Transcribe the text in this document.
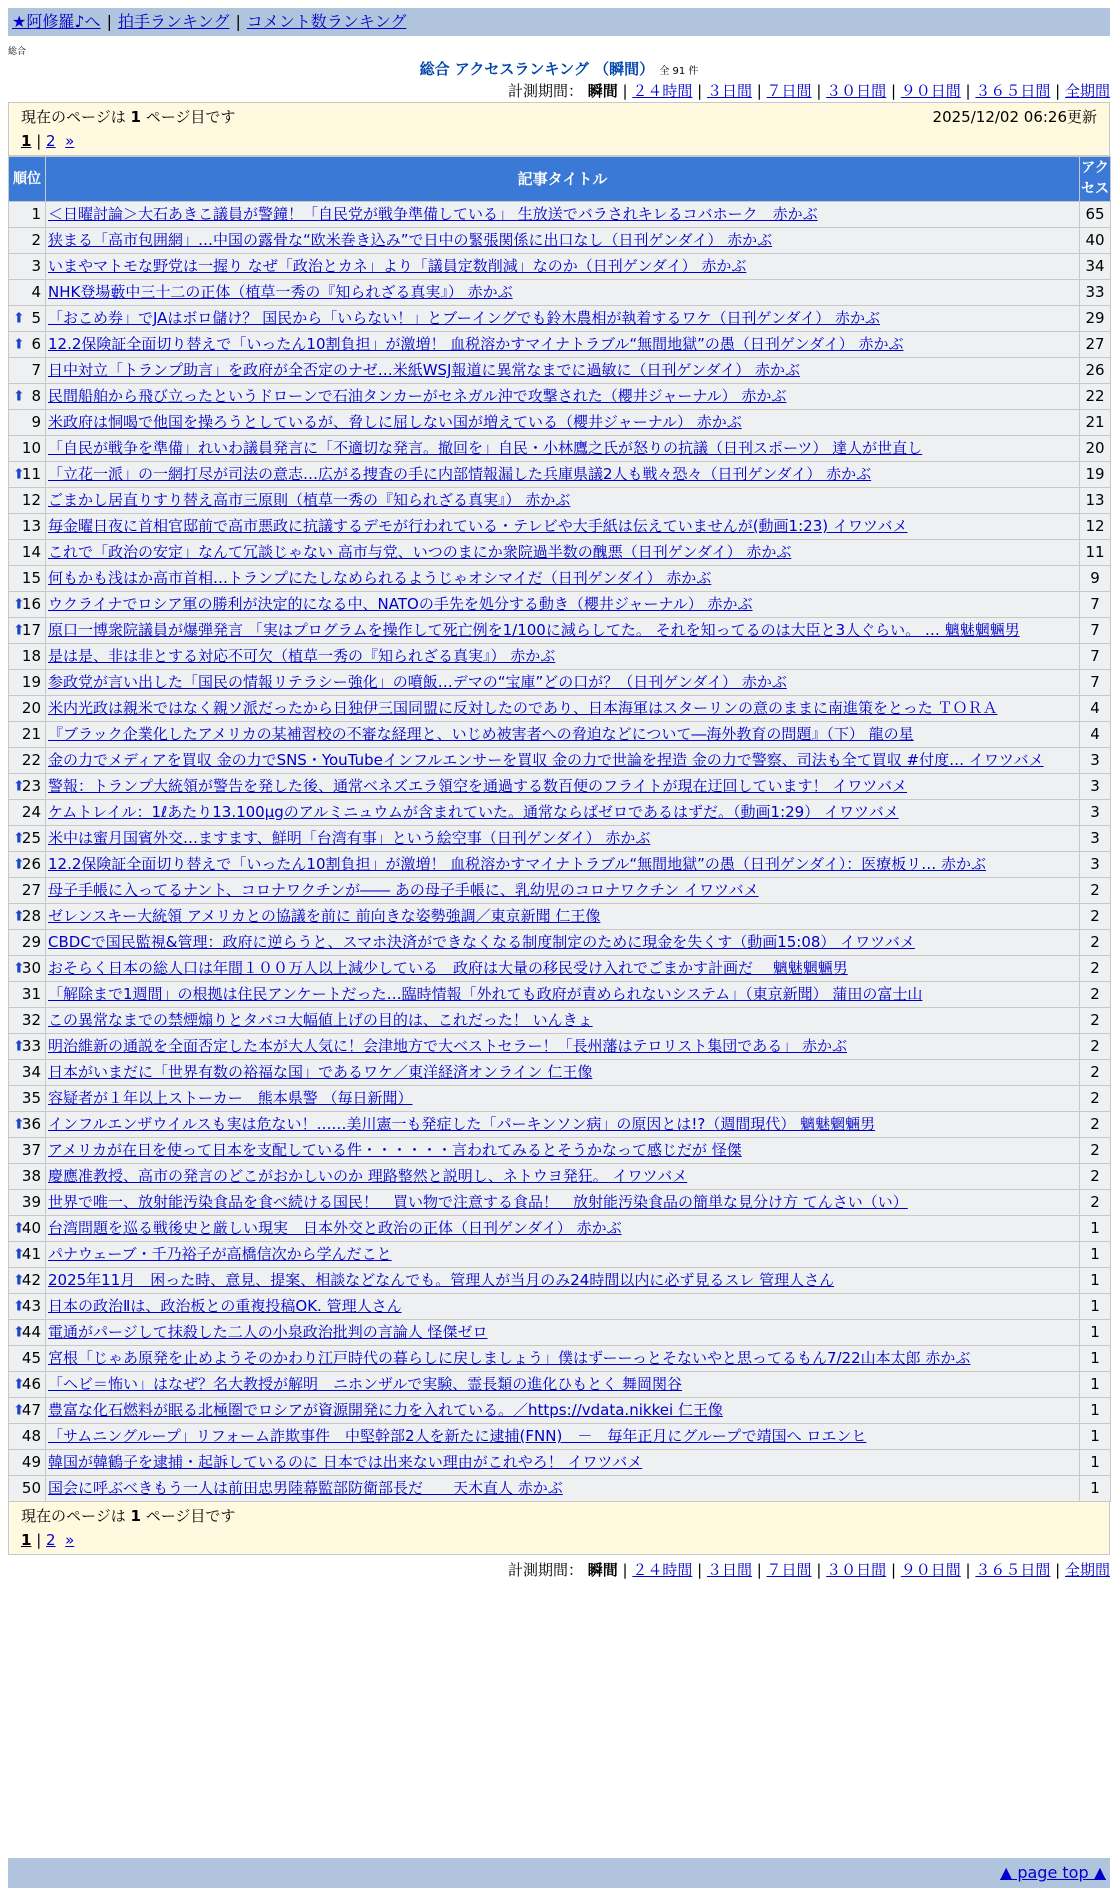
★阿修羅♪へ | 拍手ランキング | コメント数ランキング
総合
総合 アクセスランキング （瞬間） 全 91 件
計測期間： 瞬間 | ２４時間 | ３日間 | ７日間 | ３０日間 | ９０日間 | ３６５日間 | 全期間
現在のページは 1 ページ目です	2025/12/02 06:26更新
1 | 2 »
順位	記事タイトル	アクセス
1	＜日曜討論＞大石あきこ議員が警鐘！「自民党が戦争準備している」 生放送でバラされキレるコバホーク　赤かぶ	65
2	狭まる「高市包囲網」…中国の露骨な“欧米巻き込み”で日中の緊張関係に出口なし（日刊ゲンダイ） 赤かぶ	40
3	いまやマトモな野党は一握り なぜ「政治とカネ」より「議員定数削減」なのか（日刊ゲンダイ） 赤かぶ	34
4	NHK登場藪中三十二の正体（植草一秀の『知られざる真実』） 赤かぶ	33

⬆ 5	「おこめ券」でJAはボロ儲け？ 国民から「いらない！」とブーイングでも鈴木農相が執着するワケ（日刊ゲンダイ） 赤かぶ	29

⬆ 6	12.2保険証全面切り替えで「いったん10割負担」が激増！ 血税溶かすマイナトラブル“無間地獄”の愚（日刊ゲンダイ） 赤かぶ	27
7	日中対立「トランプ助言」を政府が全否定のナゼ…米紙WSJ報道に異常なまでに過敏に（日刊ゲンダイ） 赤かぶ	26

⬆ 8	民間船舶から飛び立ったというドローンで石油タンカーがセネガル沖で攻撃された（櫻井ジャーナル） 赤かぶ	22
9	米政府は恫喝で他国を操ろうとしているが、脅しに屈しない国が増えている（櫻井ジャーナル） 赤かぶ	21
10	「自民が戦争を準備」れいわ議員発言に「不適切な発言。撤回を」自民・小林鷹之氏が怒りの抗議（日刊スポーツ） 達人が世直し	20

⬆
11	「立花一派」の一網打尽が司法の意志…広がる捜査の手に内部情報漏した兵庫県議2人も戦々恐々（日刊ゲンダイ） 赤かぶ	19
12	ごまかし居直りすり替え高市三原則（植草一秀の『知られざる真実』） 赤かぶ	13
13	毎金曜日夜に首相官邸前で高市悪政に抗議するデモが行われている・テレビや大手紙は伝えていませんが(動画1:23) イワツバメ	12
14	これで「政治の安定」なんて冗談じゃない 高市与党、いつのまにか衆院過半数の醜悪（日刊ゲンダイ） 赤かぶ	11
15	何もかも浅はか高市首相…トランプにたしなめられるようじゃオシマイだ（日刊ゲンダイ） 赤かぶ	9

⬆
16	ウクライナでロシア軍の勝利が決定的になる中、NATOの手先を処分する動き（櫻井ジャーナル） 赤かぶ	7

⬆
17	原口一博衆院議員が爆弾発言 「実はプログラムを操作して死亡例を1/100に減らしてた。 それを知ってるのは大臣と3人ぐらい。 … 魑魅魍魎男	7
18	是は是、非は非とする対応不可欠（植草一秀の『知られざる真実』） 赤かぶ	7
19	参政党が言い出した「国民の情報リテラシー強化」の噴飯…デマの“宝庫”どの口が？（日刊ゲンダイ） 赤かぶ	7
20	米内光政は親米ではなく親ソ派だったから日独伊三国同盟に反対したのであり、日本海軍はスターリンの意のままに南進策をとった ＴＯＲＡ	4
21	『ブラック企業化したアメリカの某補習校の不審な経理と、いじめ被害者への脅迫などについて―海外教育の問題』（下） 龍の星	4
22	金の力でメディアを買収 金の力でSNS・YouTubeインフルエンサーを買収 金の力で世論を捏造 金の力で警察、司法も全て買収 #付度… イワツバメ	3

⬆
23	警報：トランプ大統領が警告を発した後、通常ベネズエラ領空を通過する数百便のフライトが現在迂回しています！ イワツバメ	3
24	ケムトレイル：1ℓあたり13.100μgのアルミニュウムが含まれていた。通常ならばゼロであるはずだ。（動画1:29） イワツバメ	3

⬆
25	米中は蜜月国賓外交…ますます、鮮明「台湾有事」という絵空事（日刊ゲンダイ） 赤かぶ	3

⬆
26	12.2保険証全面切り替えで「いったん10割負担」が激増！ 血税溶かすマイナトラブル“無間地獄”の愚（日刊ゲンダイ）：医療板リ… 赤かぶ	3
27	母子手帳に入ってるナント、コロナワクチンが―― あの母子手帳に、乳幼児のコロナワクチン イワツバメ	2

⬆
28	ゼレンスキー大統領 アメリカとの協議を前に 前向きな姿勢強調／東京新聞 仁王像	2
29	CBDCで国民監視&管理：政府に逆らうと、スマホ決済ができなくなる制度制定のために現金を失くす（動画15:08） イワツバメ	2

⬆
30	おそらく日本の総人口は年間１００万人以上減少している　政府は大量の移民受け入れでごまかす計画だ　 魑魅魍魎男	2
31	「解除まで1週間」の根拠は住民アンケートだった…臨時情報「外れても政府が責められないシステム」（東京新聞） 蒲田の富士山	2
32	この異常なまでの禁煙煽りとタバコ大幅値上げの目的は、これだった！ いんきょ	2

⬆
33	明治維新の通説を全面否定した本が大人気に！会津地方で大ベストセラー！「長州藩はテロリスト集団である」 赤かぶ	2
34	日本がいまだに「世界有数の裕福な国」であるワケ／東洋経済オンライン 仁王像	2
35	容疑者が１年以上ストーカー　熊本県警 （毎日新聞）	2

⬆
36	インフルエンザウイルスも実は危ない！……美川憲一も発症した「パーキンソン病」の原因とは!?（週間現代） 魑魅魍魎男	2
37	アメリカが在日を使って日本を支配している件・・・・・・言われてみるとそうかなって感じだが 怪傑	2
38	慶應准教授、高市の発言のどこがおかしいのか 理路整然と説明し、ネトウヨ発狂。 イワツバメ	2
39	世界で唯一、放射能汚染食品を食べ続ける国民！　買い物で注意する食品！　放射能汚染食品の簡単な見分け方 てんさい（い）	2

⬆
40	台湾問題を巡る戦後史と厳しい現実　日本外交と政治の正体（日刊ゲンダイ） 赤かぶ	1

⬆
41	パナウェーブ・千乃裕子が高橋信次から学んだこと	1

⬆
42	2025年11月　困った時、意見、提案、相談などなんでも。管理人が当月のみ24時間以内に必ず見るスレ 管理人さん	1

⬆
43	日本の政治Ⅱは、政治板との重複投稿OK. 管理人さん	1

⬆
44	電通がパージして抹殺した二人の小泉政治批判の言論人 怪傑ゼロ	1
45	宮根「じゃあ原発を止めようそのかわり江戸時代の暮らしに戻しましょう」僕はずーーっとそないやと思ってるもん7/22山本太郎 赤かぶ	1

⬆
46	「ヘビ＝怖い」はなぜ？名大教授が解明　ニホンザルで実験、霊長類の進化ひもとく 舞岡関谷	1

⬆
47	豊富な化石燃料が眠る北極圏でロシアが資源開発に力を入れている。／https://vdata.nikkei 仁王像	1
48	「サムニングループ」リフォーム詐欺事件　中堅幹部2人を新たに逮捕(FNN)　－　毎年正月にグループで靖国へ ロエンヒ	1
49	韓国が韓鶴子を逮捕・起訴しているのに 日本では出来ない理由がこれやろ！ イワツバメ	1
50	国会に呼ぶべきもう一人は前田忠男陸幕監部防衛部長だ　　天木直人 赤かぶ	1
現在のページは 1 ページ目です
1 | 2 »
計測期間： 瞬間 | ２４時間 | ３日間 | ７日間 | ３０日間 | ９０日間 | ３６５日間 | 全期間
▲ page top ▲
